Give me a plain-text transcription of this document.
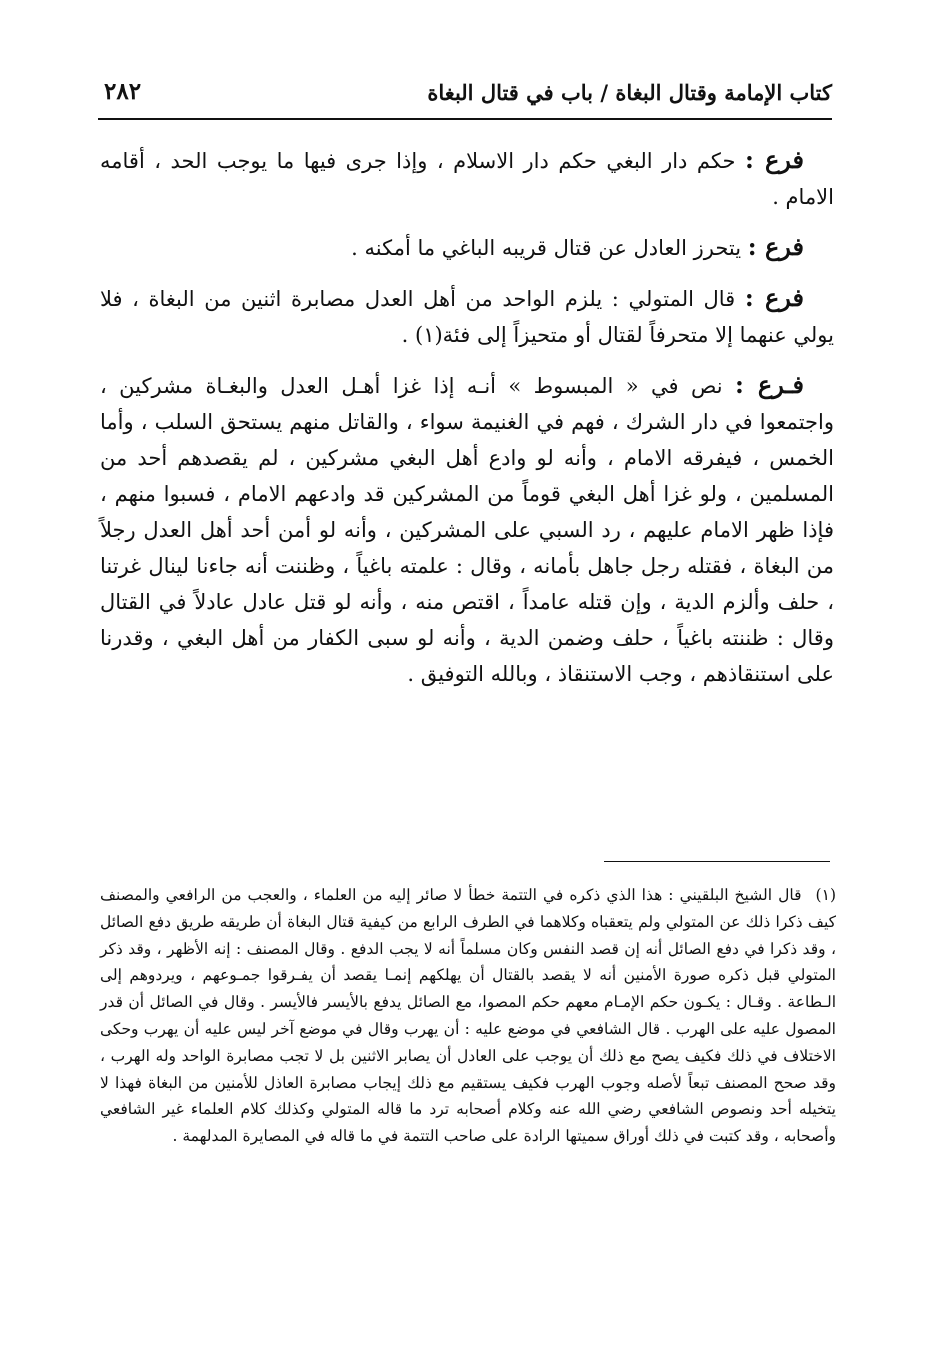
كتاب الإمامة وقتال البغاة / باب في قتال البغاة
٢٨٢

فرع : حكم دار البغي حكم دار الاسلام ، وإذا جرى فيها ما يوجب الحد ، أقامه الامام .

فرع : يتحرز العادل عن قتال قريبه الباغي ما أمكنه .

فرع : قال المتولي : يلزم الواحد من أهل العدل مصابرة اثنين من البغاة ، فلا يولي عنهما إلا متحرفاً لقتال أو متحيزاً إلى فئة(١) .

فـرع : نص في « المبسوط » أنـه إذا غزا أهـل العدل والبغـاة مشركين ، واجتمعوا في دار الشرك ، فهم في الغنيمة سواء ، والقاتل منهم يستحق السلب ، وأما الخمس ، فيفرقه الامام ، وأنه لو وادع أهل البغي مشركين ، لم يقصدهم أحد من المسلمين ، ولو غزا أهل البغي قوماً من المشركين قد وادعهم الامام ، فسبوا منهم ، فإذا ظهر الامام عليهم ، رد السبي على المشركين ، وأنه لو أمن أحد أهل العدل رجلاً من البغاة ، فقتله رجل جاهل بأمانه ، وقال : علمته باغياً ، وظننت أنه جاءنا لينال غرتنا ، حلف وألزم الدية ، وإن قتله عامداً ، اقتص منه ، وأنه لو قتل عادل عادلاً في القتال وقال : ظننته باغياً ، حلف وضمن الدية ، وأنه لو سبى الكفار من أهل البغي ، وقدرنا على استنقاذهم ، وجب الاستنقاذ ، وبالله التوفيق .

(١) قال الشيخ البلقيني : هذا الذي ذكره في التتمة خطأ لا صائر إليه من العلماء ، والعجب من الرافعي والمصنف كيف ذكرا ذلك عن المتولي ولم يتعقباه وكلاهما في الطرف الرابع من كيفية قتال البغاة أن طريقه طريق دفع الصائل ، وقد ذكرا في دفع الصائل أنه إن قصد النفس وكان مسلماً أنه لا يجب الدفع . وقال المصنف : إنه الأظهر ، وقد ذكر المتولي قبل ذكره صورة الأمنين أنه لا يقصد بالقتال أن يهلكهم إنمـا يقصد أن يفـرقوا جمـوعهم ، ويردوهم إلى الـطاعة . وقـال : يكـون حكم الإمـام معهم حكم المصوا، مع الصائل يدفع بالأيسر فالأيسر . وقال في الصائل أن قدر المصول عليه على الهرب . قال الشافعي في موضع عليه : أن يهرب وقال في موضع آخر ليس عليه أن يهرب وحكى الاختلاف في ذلك فكيف يصح مع ذلك أن يوجب على العادل أن يصابر الاثنين بل لا تجب مصابرة الواحد وله الهرب ، وقد صحح المصنف تبعاً لأصله وجوب الهرب فكيف يستقيم مع ذلك إيجاب مصابرة العاذل للأمنين من البغاة فهذا لا يتخيله أحد ونصوص الشافعي رضي الله عنه وكلام أصحابه ترد ما قاله المتولي وكذلك كلام العلماء غير الشافعي وأصحابه ، وقد كتبت في ذلك أوراق سميتها الرادة على صاحب التتمة في ما قاله في المصايرة المدلهمة .
